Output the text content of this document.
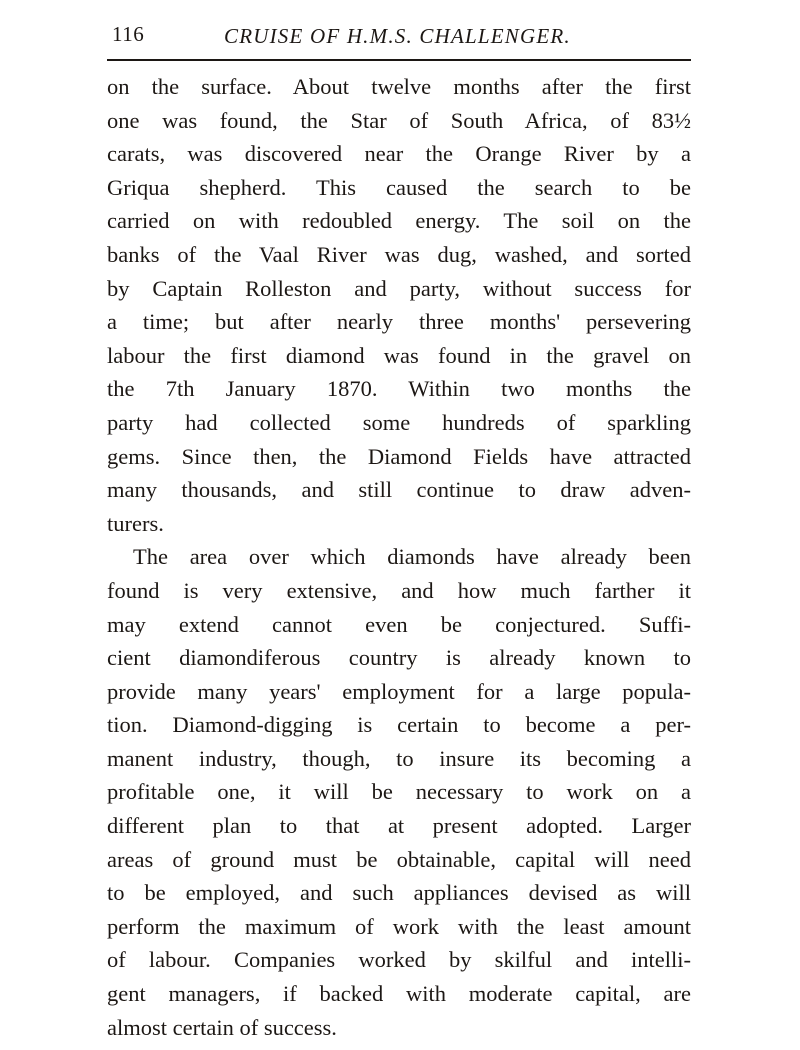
116	CRUISE OF H.M.S. CHALLENGER.
on the surface. About twelve months after the first
one was found, the Star of South Africa, of 83½
carats, was discovered near the Orange River by a
Griqua shepherd. This caused the search to be
carried on with redoubled energy. The soil on the
banks of the Vaal River was dug, washed, and sorted
by Captain Rolleston and party, without success for
a time; but after nearly three months' persevering
labour the first diamond was found in the gravel on
the 7th January 1870. Within two months the
party had collected some hundreds of sparkling
gems. Since then, the Diamond Fields have attracted
many thousands, and still continue to draw adven-
turers.
The area over which diamonds have already been
found is very extensive, and how much farther it
may extend cannot even be conjectured. Suffi-
cient diamondiferous country is already known to
provide many years' employment for a large popula-
tion. Diamond-digging is certain to become a per-
manent industry, though, to insure its becoming a
profitable one, it will be necessary to work on a
different plan to that at present adopted. Larger
areas of ground must be obtainable, capital will need
to be employed, and such appliances devised as will
perform the maximum of work with the least amount
of labour. Companies worked by skilful and intelli-
gent managers, if backed with moderate capital, are
almost certain of success.
